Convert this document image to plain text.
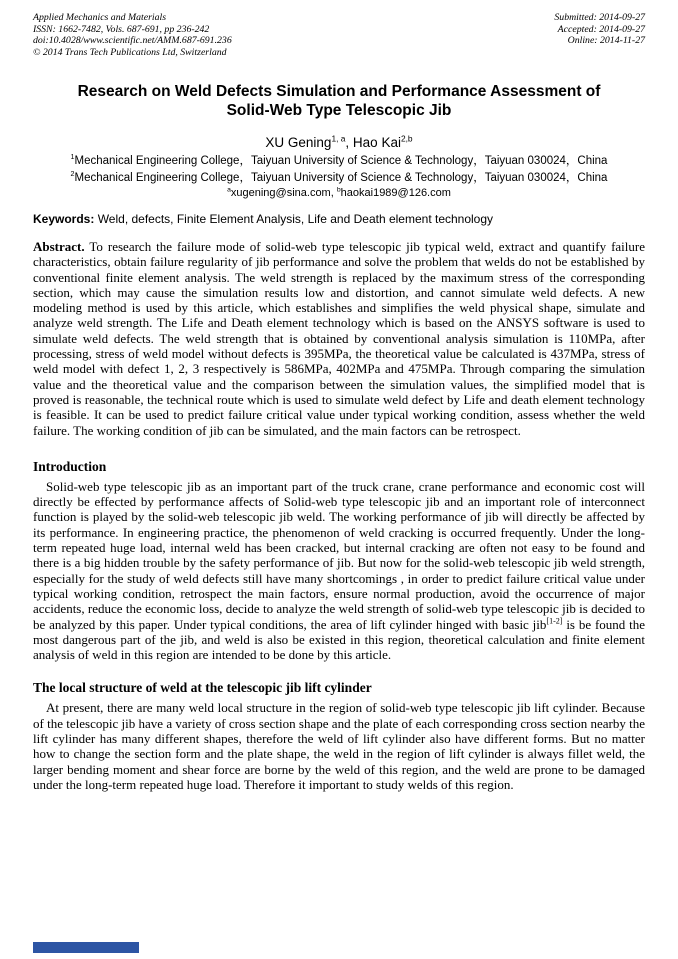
Applied Mechanics and Materials
ISSN: 1662-7482, Vols. 687-691, pp 236-242
doi:10.4028/www.scientific.net/AMM.687-691.236
© 2014 Trans Tech Publications Ltd, Switzerland
Submitted: 2014-09-27
Accepted: 2014-09-27
Online: 2014-11-27
Research on Weld Defects Simulation and Performance Assessment of Solid-Web Type Telescopic Jib
XU Gening$^{1, a}$, Hao Kai$^{2,b}$
$^1$Mechanical Engineering College，Taiyuan University of Science & Technology，Taiyuan 030024，China
$^2$Mechanical Engineering College，Taiyuan University of Science & Technology，Taiyuan 030024，China
$^a$xugening@sina.com, $^b$haokai1989@126.com
Keywords: Weld, defects, Finite Element Analysis, Life and Death element technology

Abstract. To research the failure mode of solid-web type telescopic jib typical weld, extract and quantify failure characteristics, obtain failure regularity of jib performance and solve the problem that welds do not be established by conventional finite element analysis. The weld strength is replaced by the maximum stress of the corresponding section, which may cause the simulation results low and distortion, and cannot simulate weld defects. A new modeling method is used by this article, which establishes and simplifies the weld physical shape, simulate and analyze weld strength. The Life and Death element technology which is based on the ANSYS software is used to simulate weld defects. The weld strength that is obtained by conventional analysis simulation is 110MPa, after processing, stress of weld model without defects is 395MPa, the theoretical value be calculated is 437MPa, stress of weld model with defect 1, 2, 3 respectively is 586MPa, 402MPa and 475MPa. Through comparing the simulation value and the theoretical value and the comparison between the simulation values, the simplified model that is proved is reasonable, the technical route which is used to simulate weld defect by Life and death element technology is feasible. It can be used to predict failure critical value under typical working condition, assess whether the weld failure. The working condition of jib can be simulated, and the main factors can be retrospect.

Introduction

Solid-web type telescopic jib as an important part of the truck crane, crane performance and economic cost will directly be effected by performance affects of Solid-web type telescopic jib and an important role of interconnect function is played by the solid-web telescopic jib weld. The working performance of jib will directly be affected by its performance. In engineering practice, the phenomenon of weld cracking is occurred frequently. Under the long-term repeated huge load, internal weld has been cracked, but internal cracking are often not easy to be found and there is a big hidden trouble by the safety performance of jib. But now for the solid-web telescopic jib weld strength, especially for the study of weld defects still have many shortcomings , in order to predict failure critical value under typical working condition, retrospect the main factors, ensure normal production, avoid the occurrence of major accidents, reduce the economic loss, decide to analyze the weld strength of solid-web type telescopic jib is decided to be analyzed by this paper. Under typical conditions, the area of lift cylinder hinged with basic jib[1-2] is be found the most dangerous part of the jib, and weld is also be existed in this region, theoretical calculation and finite element analysis of weld in this region are intended to be done by this article.

The local structure of weld at the telescopic jib lift cylinder

At present, there are many weld local structure in the region of solid-web type telescopic jib lift cylinder. Because of the telescopic jib have a variety of cross section shape and the plate of each corresponding cross section nearby the lift cylinder has many different shapes, therefore the weld of lift cylinder also have different forms. But no matter how to change the section form and the plate shape, the weld in the region of lift cylinder is always fillet weld, the larger bending moment and shear force are borne by the weld of this region, and the weld are prone to be damaged under the long-term repeated huge load. Therefore it important to study welds of this region.
